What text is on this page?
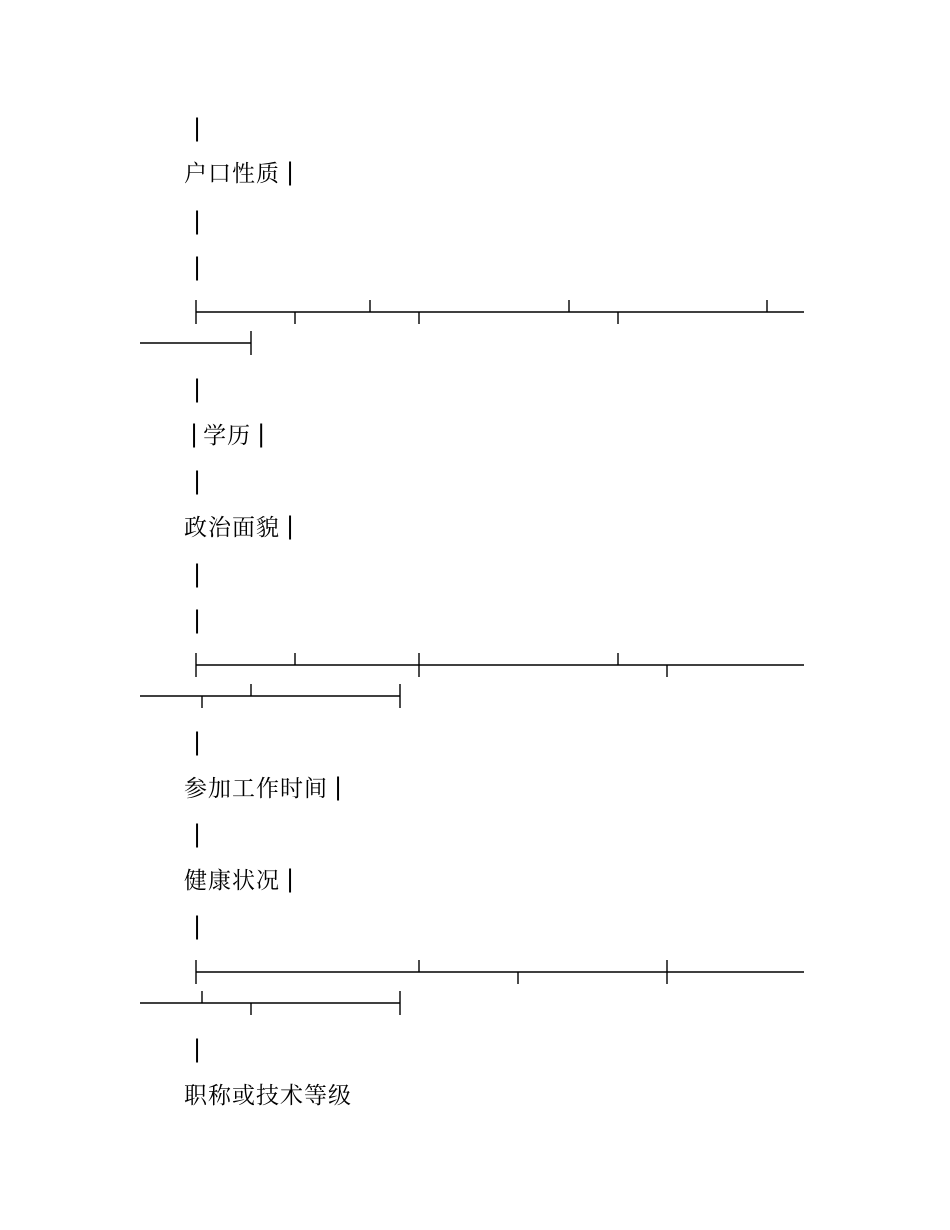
|
户口性质 |
|
|
|
| 学历 |
|
政治面貌 |
|
|
|
参加工作时间 |
|
健康状况 |
|
|
职称或技术等级
